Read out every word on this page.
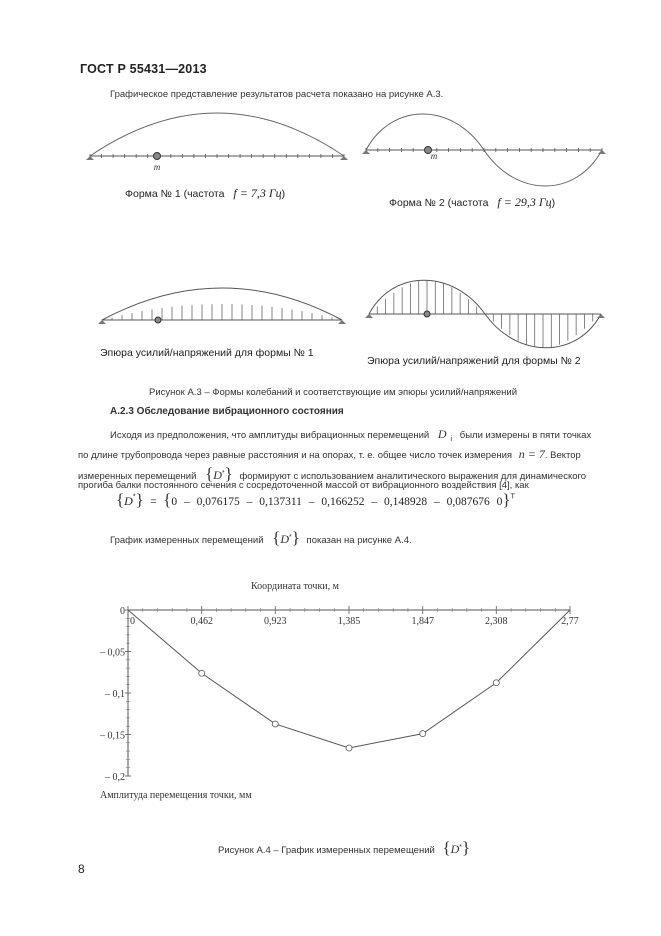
ГОСТ Р 55431—2013
Графическое представление результатов расчета показано на рисунке А.3.
m
m
Форма № 1 (частота f = 7,3 Гц)
Форма № 2 (частота f = 29,3 Гц)
Эпюра усилий/напряжений для формы № 1
Эпюра усилий/напряжений для формы № 2
Рисунок А.3 – Формы колебаний и соответствующие им эпюры усилий/напряжений
А.2.3 Обследование вибрационного состояния
Исходя из предположения, что амплитуды вибрационных перемещений D $_i$ были измерены в пяти точках
по длине трубопровода через равные расстояния и на опорах, т. е. общее число точек измерения n = 7. Вектор
измеренных перемещений {D*} формируют с использованием аналитического выражения для динамического
прогиба балки постоянного сечения с сосредоточенной массой от вибрационного воздействия [4], как
{D*} = {0 – 0,076175 – 0,137311 – 0,166252 – 0,148928 – 0,087676 0}$^T$
График измеренных перемещений {D*} показан на рисунке А.4.
Координата точки, м
Амплитуда перемещения точки, мм
0	0,462	0,923	1,385	1,847	2,308	2,77
0
– 0,05
– 0,1
– 0,15
– 0,2
Рисунок А.4 – График измеренных перемещений {D*}
8
